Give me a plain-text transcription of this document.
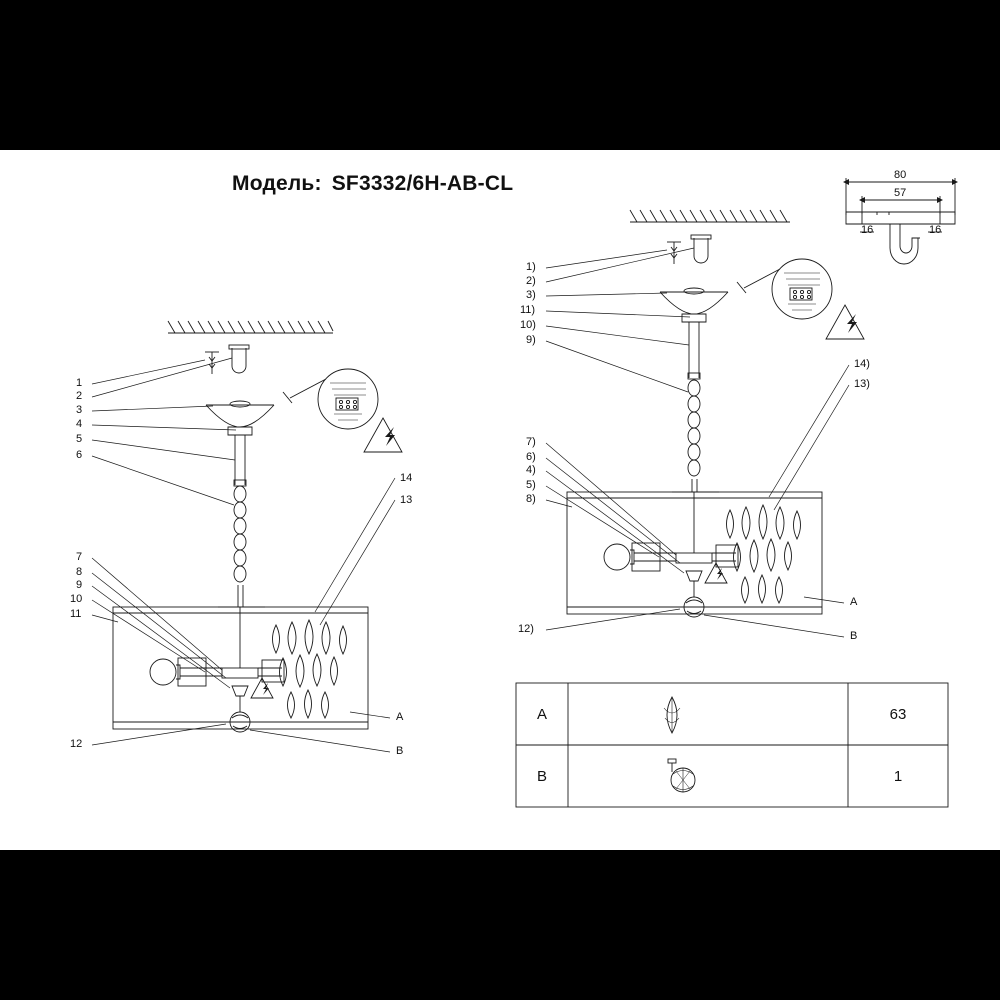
Модель: SF3332/6H-AB-CL
1
2
3
4
5
6
7
8
9
10
11
12
13
14
A
B
1)
2)
3)
11)
10)
9)
7)
6)
4)
5)
8)
12)
13)
14)
A
B
80
57
16	16
A	63
B	1
